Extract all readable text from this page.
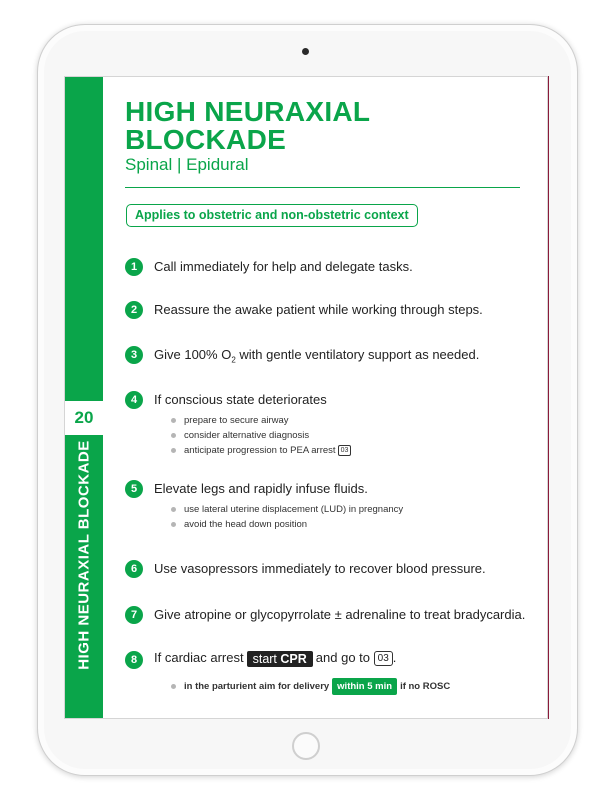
20
HIGH NEURAXIAL BLOCKADE
HIGH NEURAXIAL
BLOCKADE
Spinal | Epidural
Applies to obstetric and non-obstetric context
1	Call immediately for help and delegate tasks.
2	Reassure the awake patient while working through steps.
3	Give 100% $O_2$ with gentle ventilatory support as needed.
4	If conscious state deteriorates
prepare to secure airway
consider alternative diagnosis
anticipate progression to PEA arrest 03
5	Elevate legs and rapidly infuse fluids.
use lateral uterine displacement (LUD) in pregnancy
avoid the head down position
6	Use vasopressors immediately to recover blood pressure.
7	Give atropine or glycopyrrolate ± adrenaline to treat bradycardia.
8	If cardiac arrest start CPR and go to 03 .
in the parturient aim for delivery within 5 min if no ROSC
